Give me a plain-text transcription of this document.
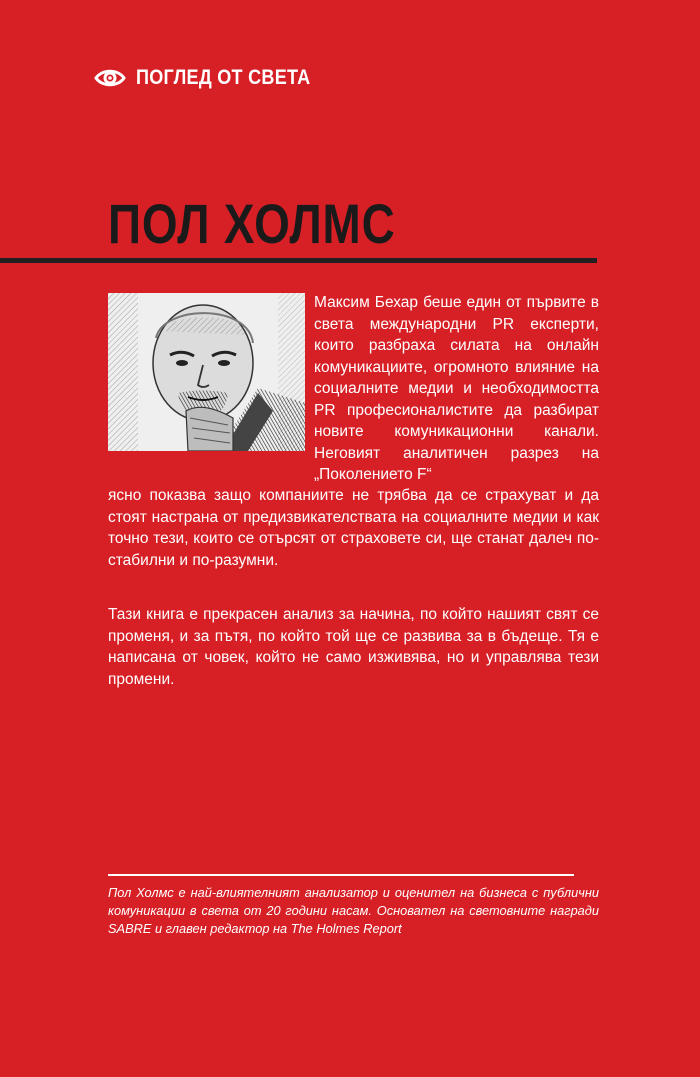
ПОГЛЕД ОТ СВЕТА
ПОЛ ХОЛМС
Максим Бехар беше един от първите в света международни PR експерти, които разбраха силата на онлайн комуникациите, огромното влияние на социалните медии и необходимостта PR професионалистите да разбират новите комуникационни канали. Неговият аналитичен разрез на „Поколението F“
ясно показва защо компаниите не трябва да се страхуват и да стоят настрана от предизвикателствата на социалните медии и как точно тези, които се отърсят от страховете си, ще станат далеч по-стабилни и по-разумни.
Тази книга е прекрасен анализ за начина, по който нашият свят се променя, и за пътя, по който той ще се развива за в бъдеще. Тя е написана от човек, който не само изживява, но и управлява тези промени.
Пол Холмс е най-влиятелният анализатор и оценител на бизнеса с публични комуникации в света от 20 години насам. Основател на световните награди SABRE и главен редактор на The Holmes Report
